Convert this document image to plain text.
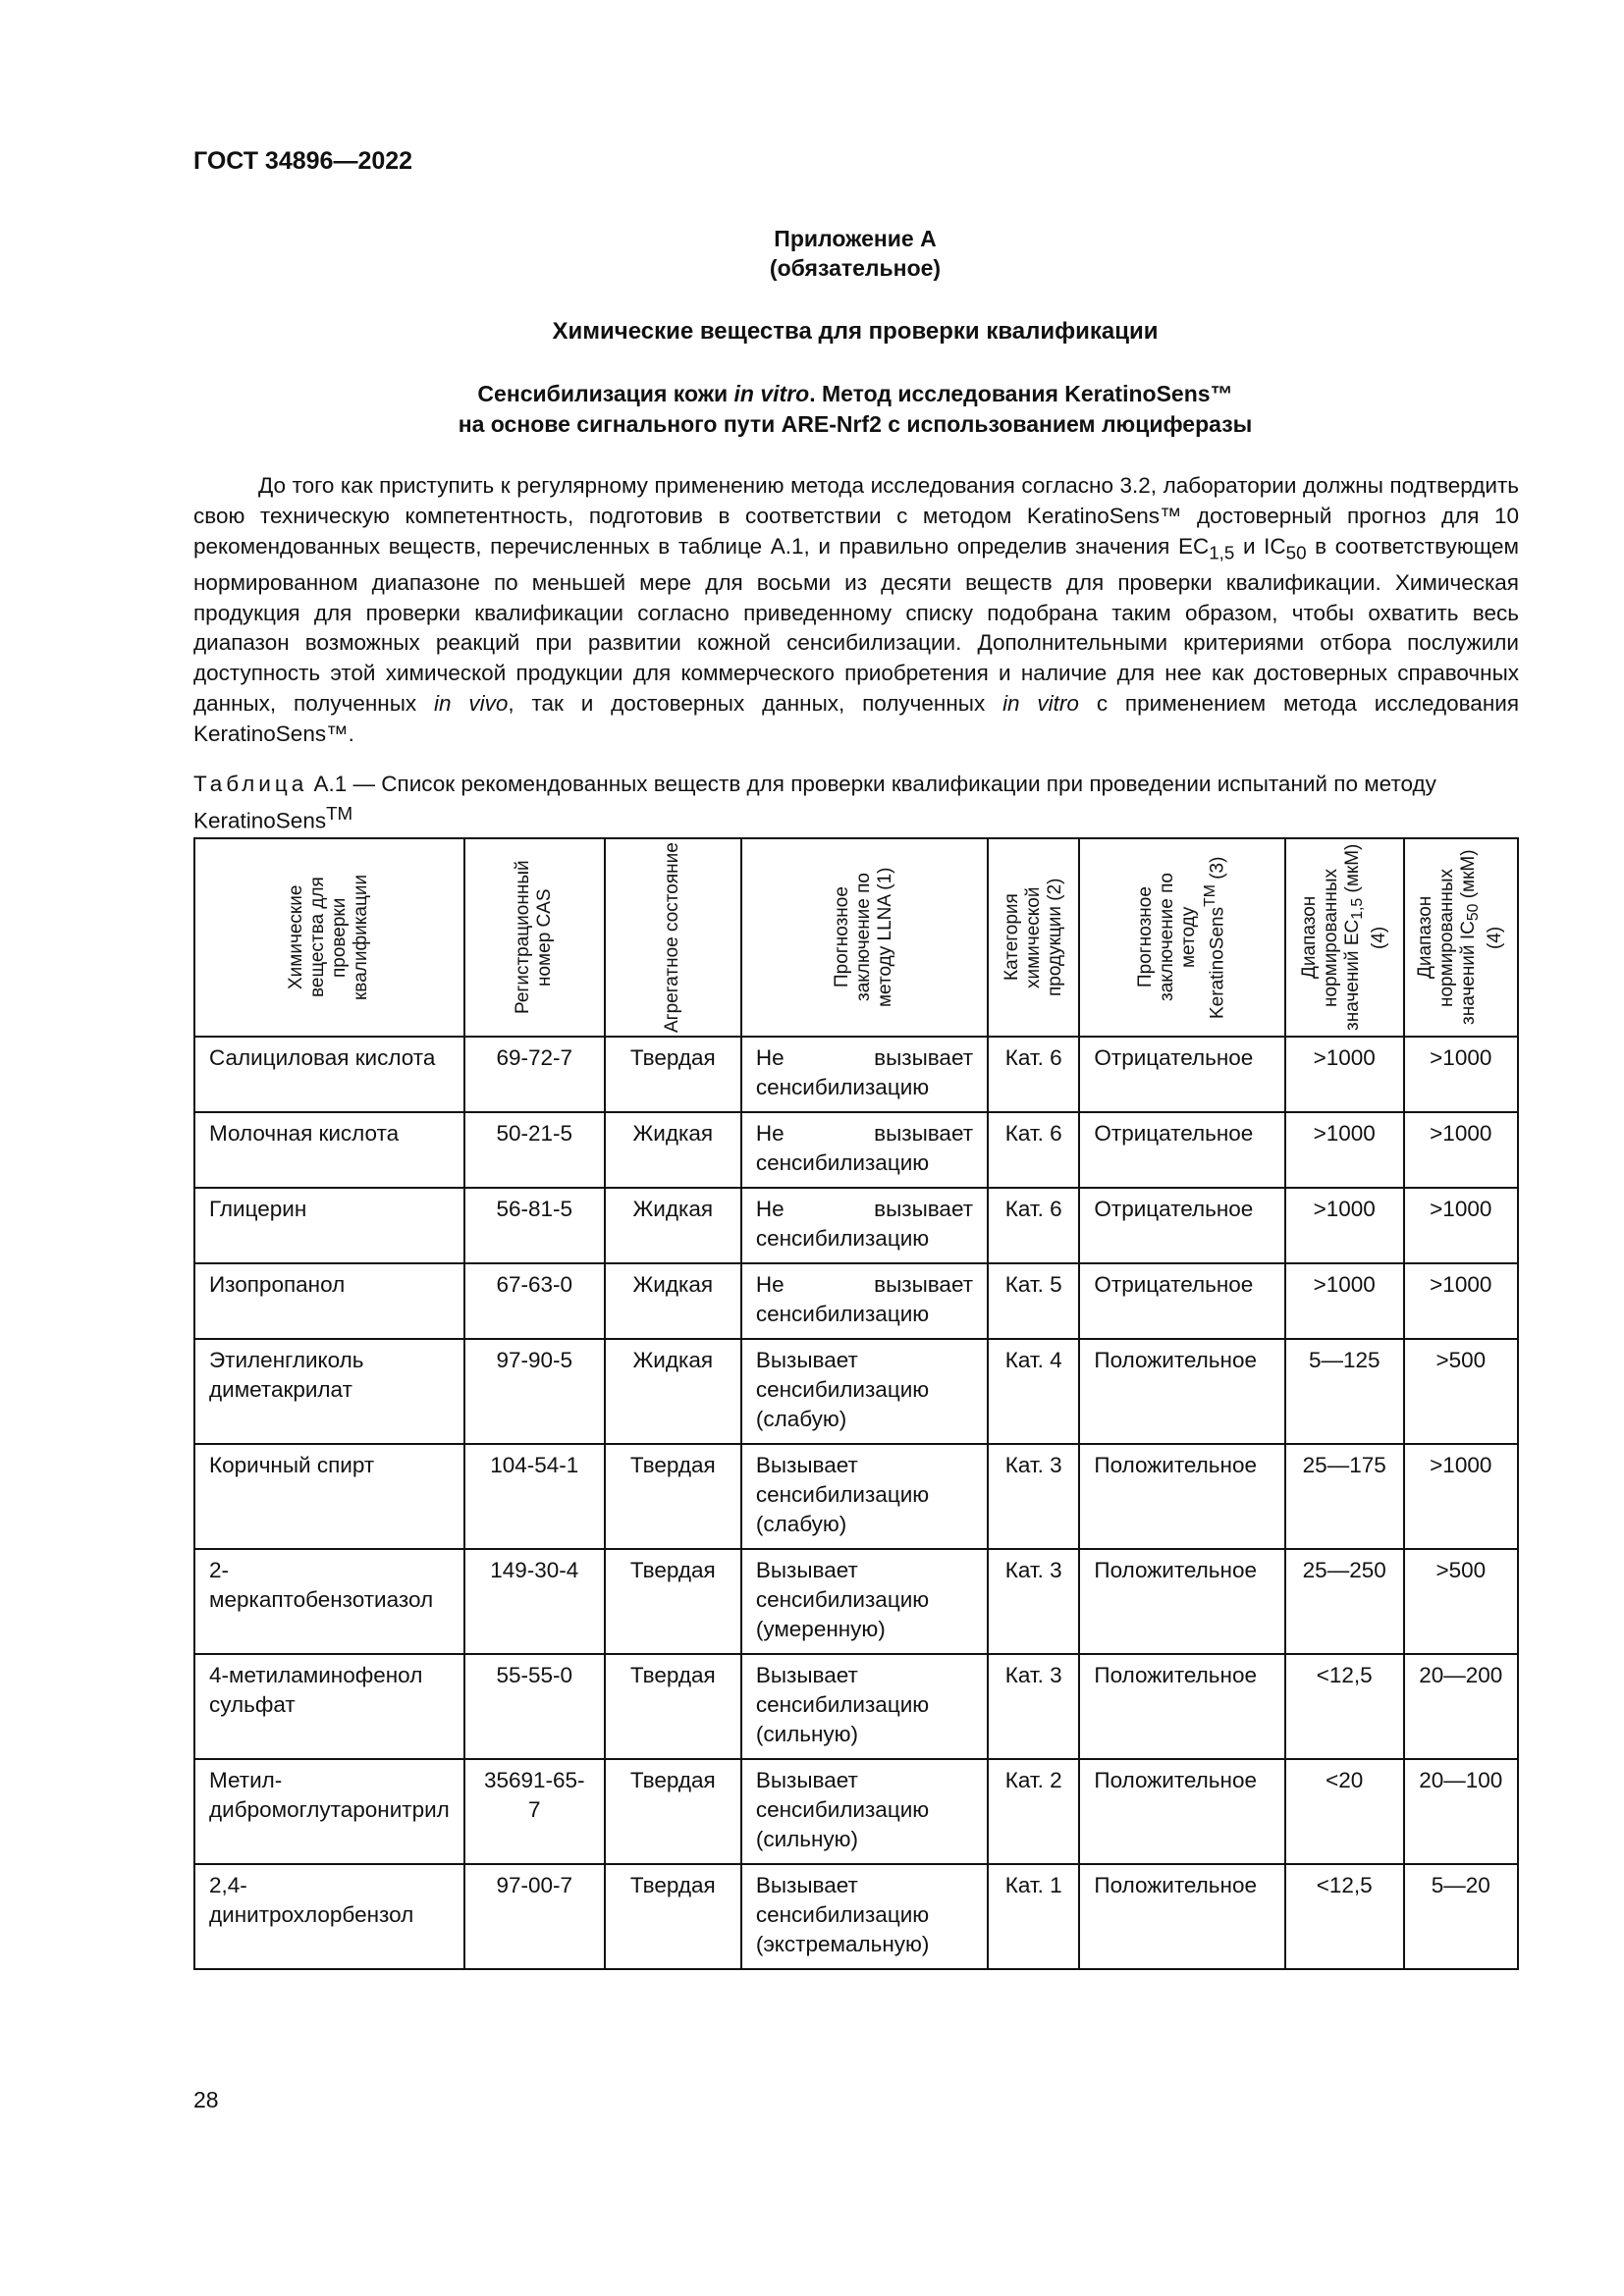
ГОСТ 34896—2022
Приложение А
(обязательное)
Химические вещества для проверки квалификации
Сенсибилизация кожи in vitro. Метод исследования KeratinoSens™
на основе сигнального пути ARE-Nrf2 с использованием люциферазы

До того как приступить к регулярному применению метода исследования согласно 3.2, лаборатории должны подтвердить свою техническую компетентность, подготовив в соответствии с методом KeratinoSens™ достоверный прогноз для 10 рекомендованных веществ, перечисленных в таблице А.1, и правильно определив значения $EC_{1,5}$ и $IC_{50}$ в соответствующем нормированном диапазоне по меньшей мере для восьми из десяти веществ для проверки квалификации. Химическая продукция для проверки квалификации согласно приведенному списку подобрана таким образом, чтобы охватить весь диапазон возможных реакций при развитии кожной сенсибилизации. Дополнительными критериями отбора послужили доступность этой химической продукции для коммерческого приобретения и наличие для нее как достоверных справочных данных, полученных in vivo, так и достоверных данных, полученных in vitro с применением метода исследования KeratinoSens™.

Таблица А.1 — Список рекомендованных веществ для проверки квалификации при проведении испытаний по методу KeratinoSens™

Химические вещества для проверки квалификации	Регистрационный номер CAS	Агрегатное состояние	Прогнозное заключение по методу LLNA (1)	Категория химической продукции (2)	Прогнозное заключение по методу KeratinoSens™ (3)	Диапазон нормированных значений $EC_{1,5}$ (мкМ) (4)	Диапазон нормированных значений $IC_{50}$ (мкМ) (4)

Салициловая кислота	69-72-7	Твердая	Не вызывает сенсибилизацию	Кат. 6	Отрицательное	>1000	>1000
Молочная кислота	50-21-5	Жидкая	Не вызывает сенсибилизацию	Кат. 6	Отрицательное	>1000	>1000
Глицерин	56-81-5	Жидкая	Не вызывает сенсибилизацию	Кат. 6	Отрицательное	>1000	>1000
Изопропанол	67-63-0	Жидкая	Не вызывает сенсибилизацию	Кат. 5	Отрицательное	>1000	>1000
Этиленгликоль диметакрилат	97-90-5	Жидкая	Вызывает сенсибилизацию (слабую)	Кат. 4	Положительное	5—125	>500
Коричный спирт	104-54-1	Твердая	Вызывает сенсибилизацию (слабую)	Кат. 3	Положительное	25—175	>1000
2-меркаптобензотиазол	149-30-4	Твердая	Вызывает сенсибилизацию (умеренную)	Кат. 3	Положительное	25—250	>500
4-метиламинофенол сульфат	55-55-0	Твердая	Вызывает сенсибилизацию (сильную)	Кат. 3	Положительное	<12,5	20—200
Метил-дибромоглутаронитрил	35691-65-7	Твердая	Вызывает сенсибилизацию (сильную)	Кат. 2	Положительное	<20	20—100
2,4-динитрохлорбензол	97-00-7	Твердая	Вызывает сенсибилизацию (экстремальную)	Кат. 1	Положительное	<12,5	5—20
28
